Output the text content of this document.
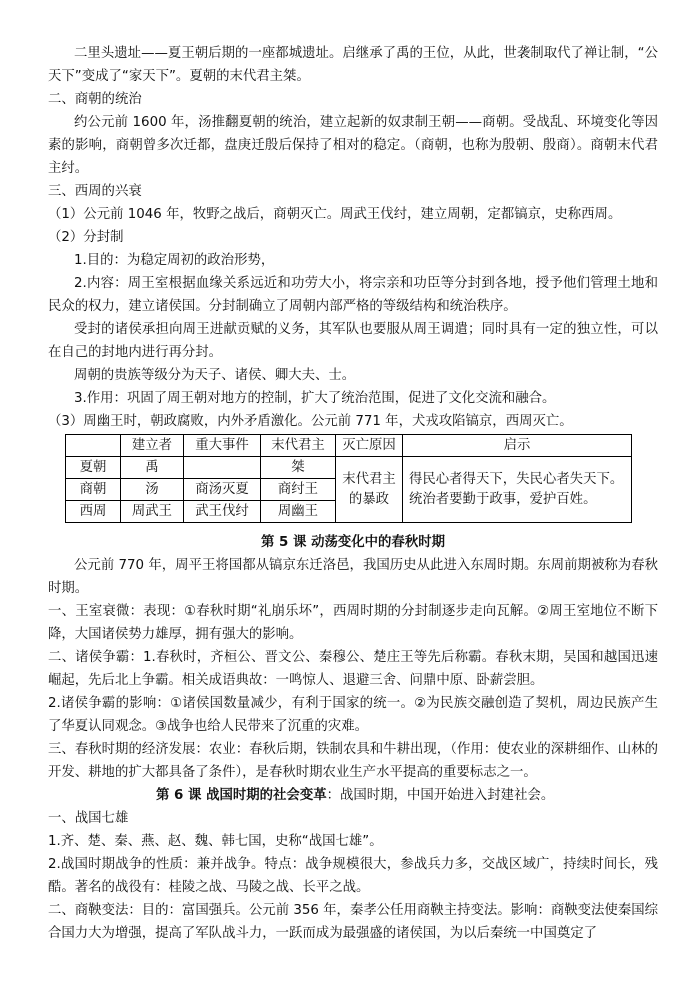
二里头遗址——夏王朝后期的一座都城遗址。启继承了禹的王位，从此，世袭制取代了禅让制，“公天下”变成了“家天下”。夏朝的末代君主桀。

二、商朝的统治

约公元前 1600 年，汤推翻夏朝的统治，建立起新的奴隶制王朝——商朝。受战乱、环境变化等因素的影响，商朝曾多次迁都，盘庚迁殷后保持了相对的稳定。（商朝，也称为殷朝、殷商）。商朝末代君主纣。

三、西周的兴衰

（1）公元前 1046 年，牧野之战后，商朝灭亡。周武王伐纣，建立周朝，定都镐京，史称西周。

（2）分封制

1.目的：为稳定周初的政治形势，

2.内容：周王室根据血缘关系远近和功劳大小，将宗亲和功臣等分封到各地，授予他们管理土地和民众的权力，建立诸侯国。分封制确立了周朝内部严格的等级结构和统治秩序。

受封的诸侯承担向周王进献贡赋的义务，其军队也要服从周王调遣；同时具有一定的独立性，可以在自己的封地内进行再分封。

周朝的贵族等级分为天子、诸侯、卿大夫、士。

3.作用：巩固了周王朝对地方的控制，扩大了统治范围，促进了文化交流和融合。

（3）周幽王时，朝政腐败，内外矛盾激化。公元前 771 年，犬戎攻陷镐京，西周灭亡。

	建立者	重大事件	末代君主	灭亡原因	启示
夏朝	禹		桀	末代君主的暴政	得民心者得天下，失民心者失天下。统治者要勤于政事，爱护百姓。
商朝	汤	商汤灭夏	商纣王		
西周	周武王	武王伐纣	周幽王		

第 5 课 动荡变化中的春秋时期

公元前 770 年，周平王将国都从镐京东迁洛邑，我国历史从此进入东周时期。东周前期被称为春秋时期。

一、王室衰微：表现：①春秋时期“礼崩乐坏”，西周时期的分封制逐步走向瓦解。②周王室地位不断下降，大国诸侯势力雄厚，拥有强大的影响。

二、诸侯争霸：1.春秋时，齐桓公、晋文公、秦穆公、楚庄王等先后称霸。春秋末期，吴国和越国迅速崛起，先后北上争霸。相关成语典故：一鸣惊人、退避三舍、问鼎中原、卧薪尝胆。

2.诸侯争霸的影响：①诸侯国数量减少，有利于国家的统一。②为民族交融创造了契机，周边民族产生了华夏认同观念。③战争也给人民带来了沉重的灾难。

三、春秋时期的经济发展：农业：春秋后期，铁制农具和牛耕出现，（作用：使农业的深耕细作、山林的开发、耕地的扩大都具备了条件），是春秋时期农业生产水平提高的重要标志之一。

第 6 课 战国时期的社会变革：战国时期，中国开始进入封建社会。

一、战国七雄

1.齐、楚、秦、燕、赵、魏、韩七国，史称“战国七雄”。

2.战国时期战争的性质：兼并战争。特点：战争规模很大，参战兵力多，交战区域广，持续时间长，残酷。著名的战役有：桂陵之战、马陵之战、长平之战。

二、商鞅变法：目的：富国强兵。公元前 356 年，秦孝公任用商鞅主持变法。影响：商鞅变法使秦国综合国力大为增强，提高了军队战斗力，一跃而成为最强盛的诸侯国，为以后秦统一中国奠定了
